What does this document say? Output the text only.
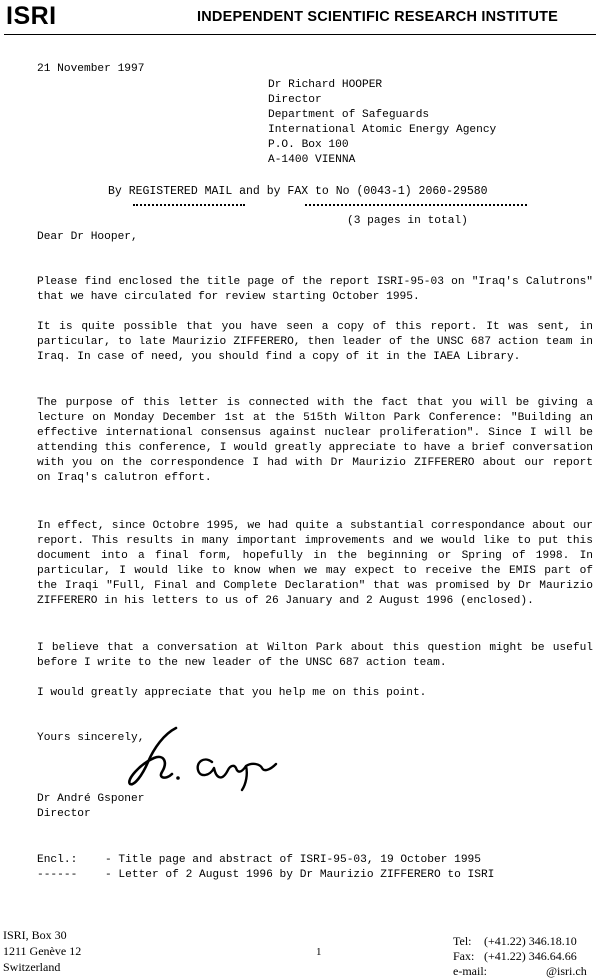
ISRI	INDEPENDENT SCIENTIFIC RESEARCH INSTITUTE
21 November 1997
Dr Richard HOOPER
Director
Department of Safeguards
International Atomic Energy Agency
P.O. Box 100
A-1400 VIENNA
By REGISTERED MAIL and by FAX to No (0043-1) 2060-29580
(3 pages in total)
Dear Dr Hooper,
Please find enclosed the title page of the report ISRI-95-03 on "Iraq's Calutrons" that we have circulated for review starting October 1995.
It is quite possible that you have seen a copy of this report. It was sent, in particular, to late Maurizio ZIFFERERO, then leader of the UNSC 687 action team in Iraq. In case of need, you should find a copy of it in the IAEA Library.
The purpose of this letter is connected with the fact that you will be giving a lecture on Monday December 1st at the 515th Wilton Park Conference: "Building an effective international consensus against nuclear proliferation". Since I will be attending this conference, I would greatly appreciate to have a brief conversation with you on the correspondence I had with Dr Maurizio ZIFFERERO about our report on Iraq's calutron effort.
In effect, since Octobre 1995, we had quite a substantial correspondance about our report. This results in many important improvements and we would like to put this document into a final form, hopefully in the beginning or Spring of 1998. In particular, I would like to know when we may expect to receive the EMIS part of the Iraqi "Full, Final and Complete Declaration" that was promised by Dr Maurizio ZIFFERERO in his letters to us of 26 January and 2 August 1996 (enclosed).
I believe that a conversation at Wilton Park about this question might be useful before I write to the new leader of the UNSC 687 action team.
I would greatly appreciate that you help me on this point.
Yours sincerely,
Dr André Gsponer
Director
Encl.:
------
- Title page and abstract of ISRI-95-03, 19 October 1995
- Letter of 2 August 1996 by Dr Maurizio ZIFFERERO to ISRI
ISRI, Box 30
1211 Genève 12
Switzerland
1
Tel: (+41.22) 346.18.10
Fax: (+41.22) 346.64.66
e-mail:	@isri.ch
